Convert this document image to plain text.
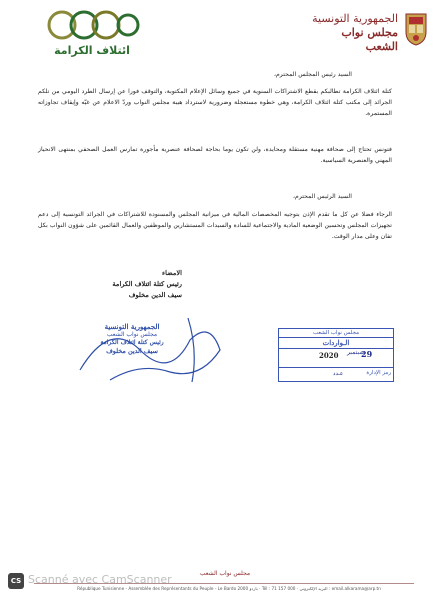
ائتلاف الكرامة
الجمهورية التونسية
مجلس نواب الشعب
السيد رئيس المجلس المحترم،
كتلة ائتلاف الكرامة تطالبكم بقطع الاشتراكات السنوية في جميع وسائل الإعلام المكتوبة، والتوقف فورا عن إرسال الطرد اليومي من تلكم الجرائد إلى مكتب كتلة ائتلاف الكرامة، وهي خطوة مستعجلة وضرورية لاسترداد هيبة مجلس النواب وردّ الاعلام عن غيّه وإيقاف تجاوزاته المستمرة.
فتونس تحتاج إلى صحافة مهنية مستقلة ومحايدة، ولن تكون يوما بحاجة لصحافة عنصرية مأجورة تمارس العمل الصحفي بمنتهى الانحياز المهني والعنصرية السياسية.
السيد الرئيس المحترم،
الرجاء فضلا عن كل ما تقدم الإذن بتوجيه المخصصات المالية في ميزانية المجلس والمسنودة للاشتراكات في الجرائد التونسية إلى دعم تجهيزات المجلس وتحسين الوضعية المادية والاجتماعية للسادة والسيدات المستشارين والموظفين والعمال القائمين على شؤون النواب بكل تفان وعلى مدار الوقت.
الامضاء
رئيس كتلة ائتلاف الكرامة
سيف الدين مخلوف
الجمهورية التونسية
مجلس نواب الشعب
رئيس كتلة ائتلاف الكرامة
سيف الدين مخلوف
مجلس نواب الشعب
الـواردات
2020 سبتمبر
29
رمز الإدارة
عـدد
مجلس نواب الشعب
République Tunisienne - Assemblée des Représentants du Peuple - Le Bardo 2000 باردو · Tél : 71 157 000 · البريد الإلكتروني : email.alkarama@arp.tn
CS Scanné avec CamScanner
